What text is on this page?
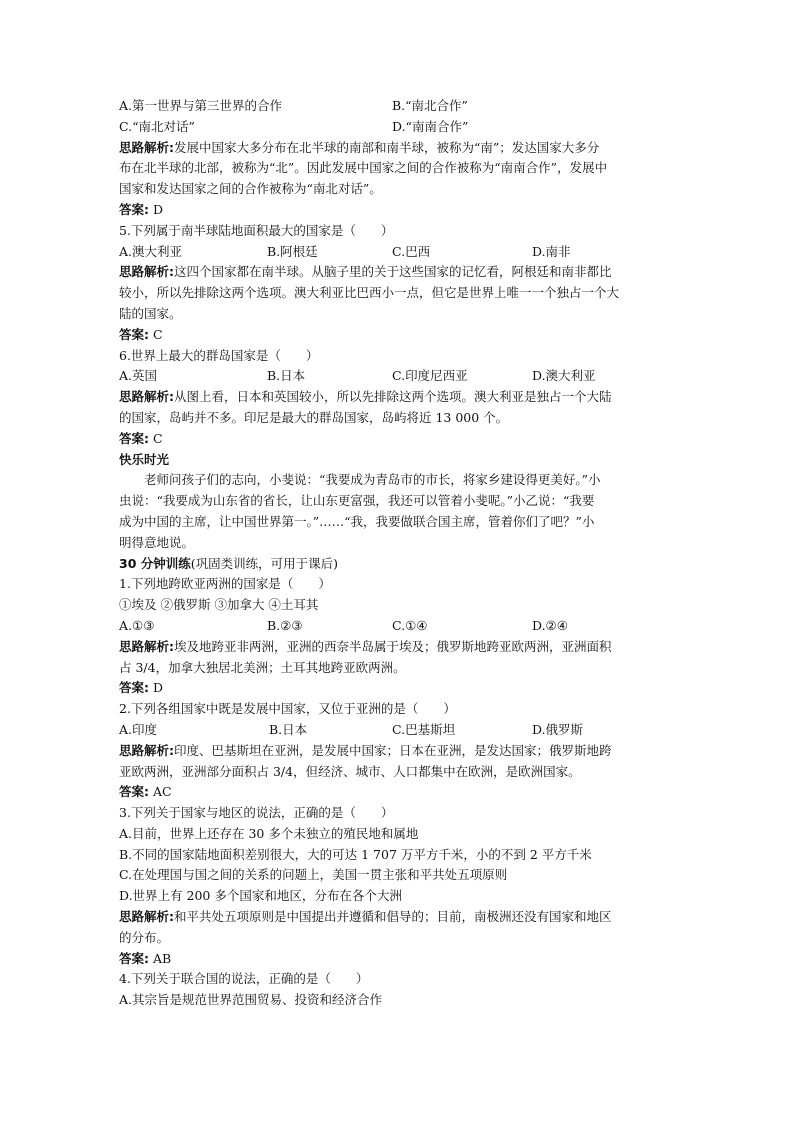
A.第一世界与第三世界的合作	B.“南北合作”
C.“南北对话”	D.“南南合作”
思路解析:发展中国家大多分布在北半球的南部和南半球，被称为“南”；发达国家大多分
布在北半球的北部，被称为“北”。因此发展中国家之间的合作被称为“南南合作”，发展中
国家和发达国家之间的合作被称为“南北对话”。
答案: D
5.下列属于南半球陆地面积最大的国家是（　　）
A.澳大利亚	B.阿根廷	C.巴西	D.南非
思路解析:这四个国家都在南半球。从脑子里的关于这些国家的记忆看，阿根廷和南非都比
较小，所以先排除这两个选项。澳大利亚比巴西小一点，但它是世界上唯一一个独占一个大
陆的国家。
答案: C
6.世界上最大的群岛国家是（　　）
A.英国	B.日本	C.印度尼西亚	D.澳大利亚
思路解析:从图上看，日本和英国较小，所以先排除这两个选项。澳大利亚是独占一个大陆
的国家，岛屿并不多。印尼是最大的群岛国家，岛屿将近 13 000 个。
答案: C
快乐时光
老师问孩子们的志向，小斐说：“我要成为青岛市的市长，将家乡建设得更美好。”小
虫说：“我要成为山东省的省长，让山东更富强，我还可以管着小斐呢。”小乙说：“我要
成为中国的主席，让中国世界第一。”……“我，我要做联合国主席，管着你们了吧？”小
明得意地说。
30 分钟训练(巩固类训练，可用于课后)
1.下列地跨欧亚两洲的国家是（　　）
①埃及 ②俄罗斯 ③加拿大 ④土耳其
A.①③	B.②③	C.①④	D.②④
思路解析:埃及地跨亚非两洲，亚洲的西奈半岛属于埃及；俄罗斯地跨亚欧两洲，亚洲面积
占 3/4，加拿大独居北美洲；土耳其地跨亚欧两洲。
答案: D
2.下列各组国家中既是发展中国家，又位于亚洲的是（　　）
A.印度	B.日本	C.巴基斯坦	D.俄罗斯
思路解析:印度、巴基斯坦在亚洲，是发展中国家；日本在亚洲，是发达国家；俄罗斯地跨
亚欧两洲，亚洲部分面积占 3/4，但经济、城市、人口都集中在欧洲，是欧洲国家。
答案: AC
3.下列关于国家与地区的说法，正确的是（　　）
A.目前，世界上还存在 30 多个未独立的殖民地和属地
B.不同的国家陆地面积差别很大，大的可达 1 707 万平方千米，小的不到 2 平方千米
C.在处理国与国之间的关系的问题上，美国一贯主张和平共处五项原则
D.世界上有 200 多个国家和地区，分布在各个大洲
思路解析:和平共处五项原则是中国提出并遵循和倡导的；目前，南极洲还没有国家和地区
的分布。
答案: AB
4.下列关于联合国的说法，正确的是（　　）
A.其宗旨是规范世界范围贸易、投资和经济合作
